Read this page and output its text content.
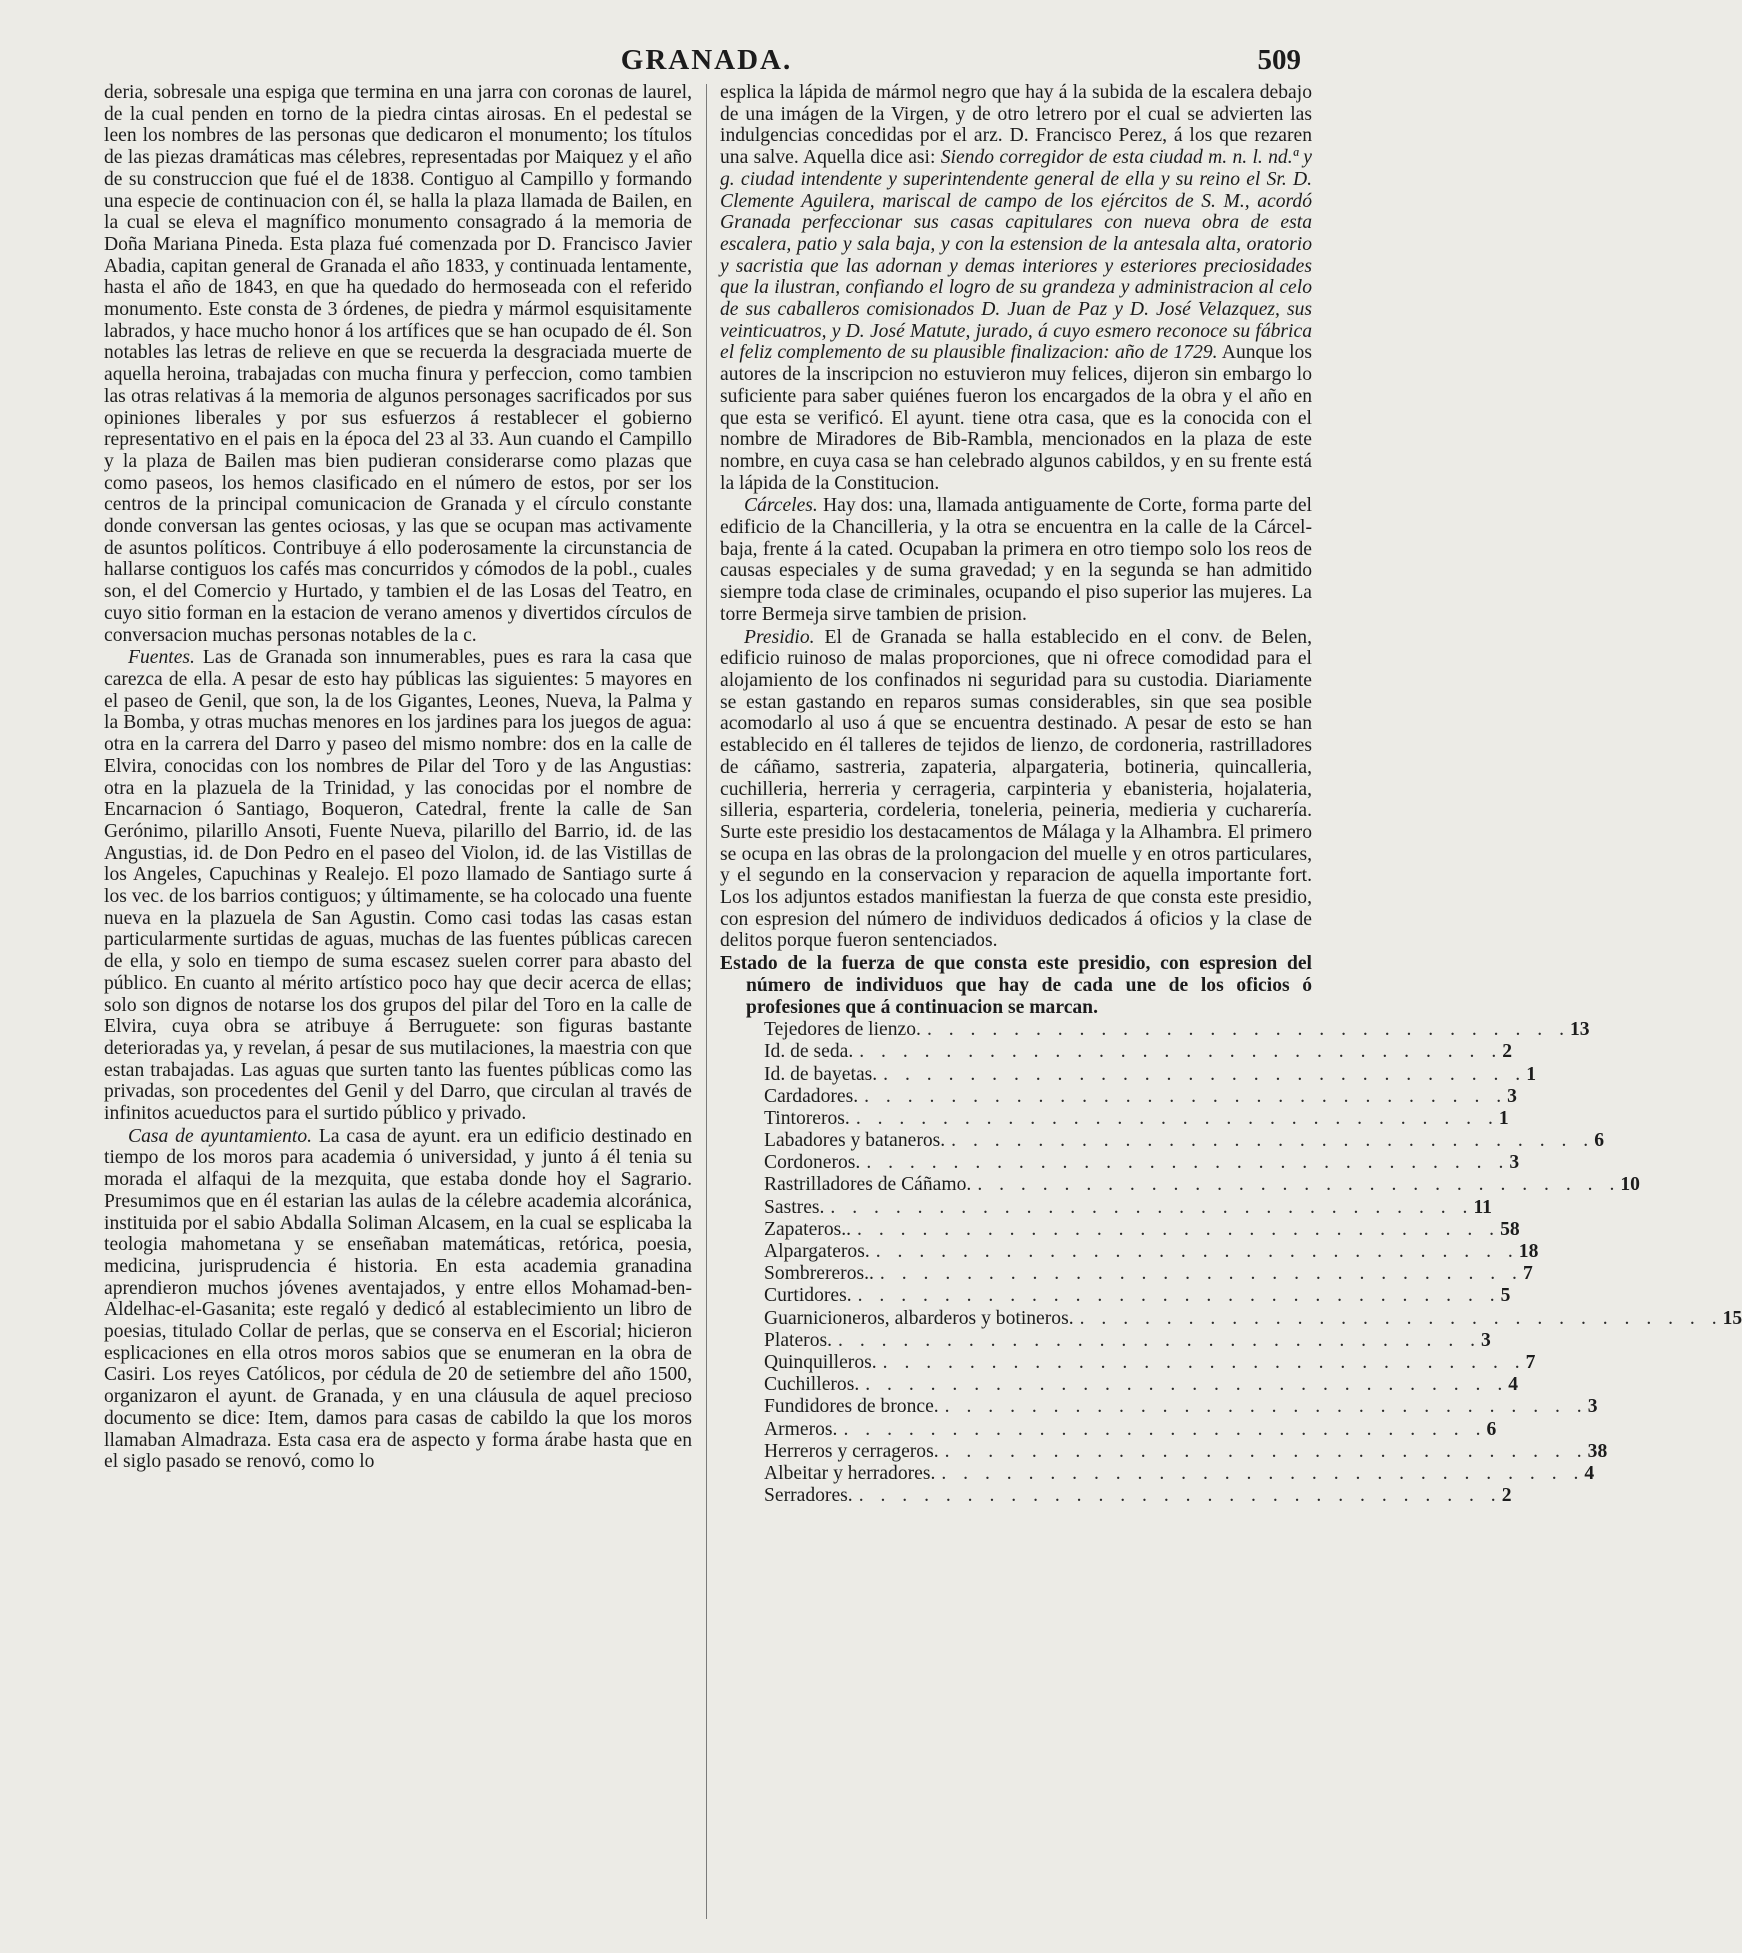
GRANADA.	509

deria, sobresale una espiga que termina en una jarra con coronas de laurel, de la cual penden en torno de la piedra cintas airosas. En el pedestal se leen los nombres de las personas que dedicaron el monumento; los títulos de las piezas dramáticas mas célebres, representadas por Maiquez y el año de su construccion que fué el de 1838. Contiguo al Campillo y formando una especie de continuacion con él, se halla la plaza llamada de Bailen, en la cual se eleva el magnífico monumento consagrado á la memoria de Doña Mariana Pineda. Esta plaza fué comenzada por D. Francisco Javier Abadia, capitan general de Granada el año 1833, y continuada lentamente, hasta el año de 1843, en que ha quedado do hermoseada con el referido monumento. Este consta de 3 órdenes, de piedra y mármol esquisitamente labrados, y hace mucho honor á los artífices que se han ocupado de él. Son notables las letras de relieve en que se recuerda la desgraciada muerte de aquella heroina, trabajadas con mucha finura y perfeccion, como tambien las otras relativas á la memoria de algunos personages sacrificados por sus opiniones liberales y por sus esfuerzos á restablecer el gobierno representativo en el pais en la época del 23 al 33. Aun cuando el Campillo y la plaza de Bailen mas bien pudieran considerarse como plazas que como paseos, los hemos clasificado en el número de estos, por ser los centros de la principal comunicacion de Granada y el círculo constante donde conversan las gentes ociosas, y las que se ocupan mas activamente de asuntos políticos. Contribuye á ello poderosamente la circunstancia de hallarse contiguos los cafés mas concurridos y cómodos de la pobl., cuales son, el del Comercio y Hurtado, y tambien el de las Losas del Teatro, en cuyo sitio forman en la estacion de verano amenos y divertidos círculos de conversacion muchas personas notables de la c.

Fuentes. Las de Granada son innumerables, pues es rara la casa que carezca de ella. A pesar de esto hay públicas las siguientes: 5 mayores en el paseo de Genil, que son, la de los Gigantes, Leones, Nueva, la Palma y la Bomba, y otras muchas menores en los jardines para los juegos de agua: otra en la carrera del Darro y paseo del mismo nombre: dos en la calle de Elvira, conocidas con los nombres de Pilar del Toro y de las Angustias: otra en la plazuela de la Trinidad, y las conocidas por el nombre de Encarnacion ó Santiago, Boqueron, Catedral, frente la calle de San Gerónimo, pilarillo Ansoti, Fuente Nueva, pilarillo del Barrio, id. de las Angustias, id. de Don Pedro en el paseo del Violon, id. de las Vistillas de los Angeles, Capuchinas y Realejo. El pozo llamado de Santiago surte á los vec. de los barrios contiguos; y últimamente, se ha colocado una fuente nueva en la plazuela de San Agustin. Como casi todas las casas estan particularmente surtidas de aguas, muchas de las fuentes públicas carecen de ella, y solo en tiempo de suma escasez suelen correr para abasto del público. En cuanto al mérito artístico poco hay que decir acerca de ellas; solo son dignos de notarse los dos grupos del pilar del Toro en la calle de Elvira, cuya obra se atribuye á Berruguete: son figuras bastante deterioradas ya, y revelan, á pesar de sus mutilaciones, la maestria con que estan trabajadas. Las aguas que surten tanto las fuentes públicas como las privadas, son procedentes del Genil y del Darro, que circulan al través de infinitos acueductos para el surtido público y privado.

Casa de ayuntamiento. La casa de ayunt. era un edificio destinado en tiempo de los moros para academia ó universidad, y junto á él tenia su morada el alfaqui de la mezquita, que estaba donde hoy el Sagrario. Presumimos que en él estarian las aulas de la célebre academia alcoránica, instituida por el sabio Abdalla Soliman Alcasem, en la cual se esplicaba la teologia mahometana y se enseñaban matemáticas, retórica, poesia, medicina, jurisprudencia é historia. En esta academia granadina aprendieron muchos jóvenes aventajados, y entre ellos Mohamad-ben-Aldelhac-el-Gasanita; este regaló y dedicó al establecimiento un libro de poesias, titulado Collar de perlas, que se conserva en el Escorial; hicieron esplicaciones en ella otros moros sabios que se enumeran en la obra de Casiri. Los reyes Católicos, por cédula de 20 de setiembre del año 1500, organizaron el ayunt. de Granada, y en una cláusula de aquel precioso documento se dice: Item, damos para casas de cabildo la que los moros llamaban Almadraza. Esta casa era de aspecto y forma árabe hasta que en el siglo pasado se renovó, como lo

esplica la lápida de mármol negro que hay á la subida de la escalera debajo de una imágen de la Virgen, y de otro letrero por el cual se advierten las indulgencias concedidas por el arz. D. Francisco Perez, á los que rezaren una salve. Aquella dice asi: Siendo corregidor de esta ciudad m. n. l. nd.ª y g. ciudad intendente y superintendente general de ella y su reino el Sr. D. Clemente Aguilera, mariscal de campo de los ejércitos de S. M., acordó Granada perfeccionar sus casas capitulares con nueva obra de esta escalera, patio y sala baja, y con la estension de la antesala alta, oratorio y sacristia que las adornan y demas interiores y esteriores preciosidades que la ilustran, confiando el logro de su grandeza y administracion al celo de sus caballeros comisionados D. Juan de Paz y D. José Velazquez, sus veinticuatros, y D. José Matute, jurado, á cuyo esmero reconoce su fábrica el feliz complemento de su plausible finalizacion: año de 1729. Aunque los autores de la inscripcion no estuvieron muy felices, dijeron sin embargo lo suficiente para saber quiénes fueron los encargados de la obra y el año en que esta se verificó. El ayunt. tiene otra casa, que es la conocida con el nombre de Miradores de Bib-Rambla, mencionados en la plaza de este nombre, en cuya casa se han celebrado algunos cabildos, y en su frente está la lápida de la Constitucion.

Cárceles. Hay dos: una, llamada antiguamente de Corte, forma parte del edificio de la Chancilleria, y la otra se encuentra en la calle de la Cárcel-baja, frente á la cated. Ocupaban la primera en otro tiempo solo los reos de causas especiales y de suma gravedad; y en la segunda se han admitido siempre toda clase de criminales, ocupando el piso superior las mujeres. La torre Bermeja sirve tambien de prision.

Presidio. El de Granada se halla establecido en el conv. de Belen, edificio ruinoso de malas proporciones, que ni ofrece comodidad para el alojamiento de los confinados ni seguridad para su custodia. Diariamente se estan gastando en reparos sumas considerables, sin que sea posible acomodarlo al uso á que se encuentra destinado. A pesar de esto se han establecido en él talleres de tejidos de lienzo, de cordoneria, rastrilladores de cáñamo, sastreria, zapateria, alpargateria, botineria, quincalleria, cuchilleria, herreria y cerrageria, carpinteria y ebanisteria, hojalateria, silleria, esparteria, cordeleria, toneleria, peineria, medieria y cucharería. Surte este presidio los destacamentos de Málaga y la Alhambra. El primero se ocupa en las obras de la prolongacion del muelle y en otros particulares, y el segundo en la conservacion y reparacion de aquella importante fort. Los los adjuntos estados manifiestan la fuerza de que consta este presidio, con espresion del número de individuos dedicados á oficios y la clase de delitos porque fueron sentenciados.

Estado de la fuerza de que consta este presidio, con espresion del número de individuos que hay de cada une de los oficios ó profesiones que á continuacion se marcan.

Tejedores de lienzo. . . . . . . . . . . . . . . . . . . . . . . . . . . . . . . 13
Id. de seda. . . . . . . . . . . . . . . . . . . . . . . . . . . . . . . 2
Id. de bayetas. . . . . . . . . . . . . . . . . . . . . . . . . . . . . . . 1
Cardadores. . . . . . . . . . . . . . . . . . . . . . . . . . . . . . . 3
Tintoreros. . . . . . . . . . . . . . . . . . . . . . . . . . . . . . . 1
Labadores y bataneros. . . . . . . . . . . . . . . . . . . . . . . . . . . . . . . 6
Cordoneros. . . . . . . . . . . . . . . . . . . . . . . . . . . . . . . 3
Rastrilladores de Cáñamo. . . . . . . . . . . . . . . . . . . . . . . . . . . . . . . 10
Sastres. . . . . . . . . . . . . . . . . . . . . . . . . . . . . . . 11
Zapateros.. . . . . . . . . . . . . . . . . . . . . . . . . . . . . . . 58
Alpargateros. . . . . . . . . . . . . . . . . . . . . . . . . . . . . . . 18
Sombrereros.. . . . . . . . . . . . . . . . . . . . . . . . . . . . . . . 7
Curtidores. . . . . . . . . . . . . . . . . . . . . . . . . . . . . . . 5
Guarnicioneros, albarderos y botineros. . . . . . . . . . . . . . . . . . . . . . . . . . . . . . . 15
Plateros. . . . . . . . . . . . . . . . . . . . . . . . . . . . . . . 3
Quinquilleros. . . . . . . . . . . . . . . . . . . . . . . . . . . . . . . 7
Cuchilleros. . . . . . . . . . . . . . . . . . . . . . . . . . . . . . . 4
Fundidores de bronce. . . . . . . . . . . . . . . . . . . . . . . . . . . . . . . 3
Armeros. . . . . . . . . . . . . . . . . . . . . . . . . . . . . . . 6
Herreros y cerrageros. . . . . . . . . . . . . . . . . . . . . . . . . . . . . . . 38
Albeitar y herradores. . . . . . . . . . . . . . . . . . . . . . . . . . . . . . . 4
Serradores. . . . . . . . . . . . . . . . . . . . . . . . . . . . . . . 2
